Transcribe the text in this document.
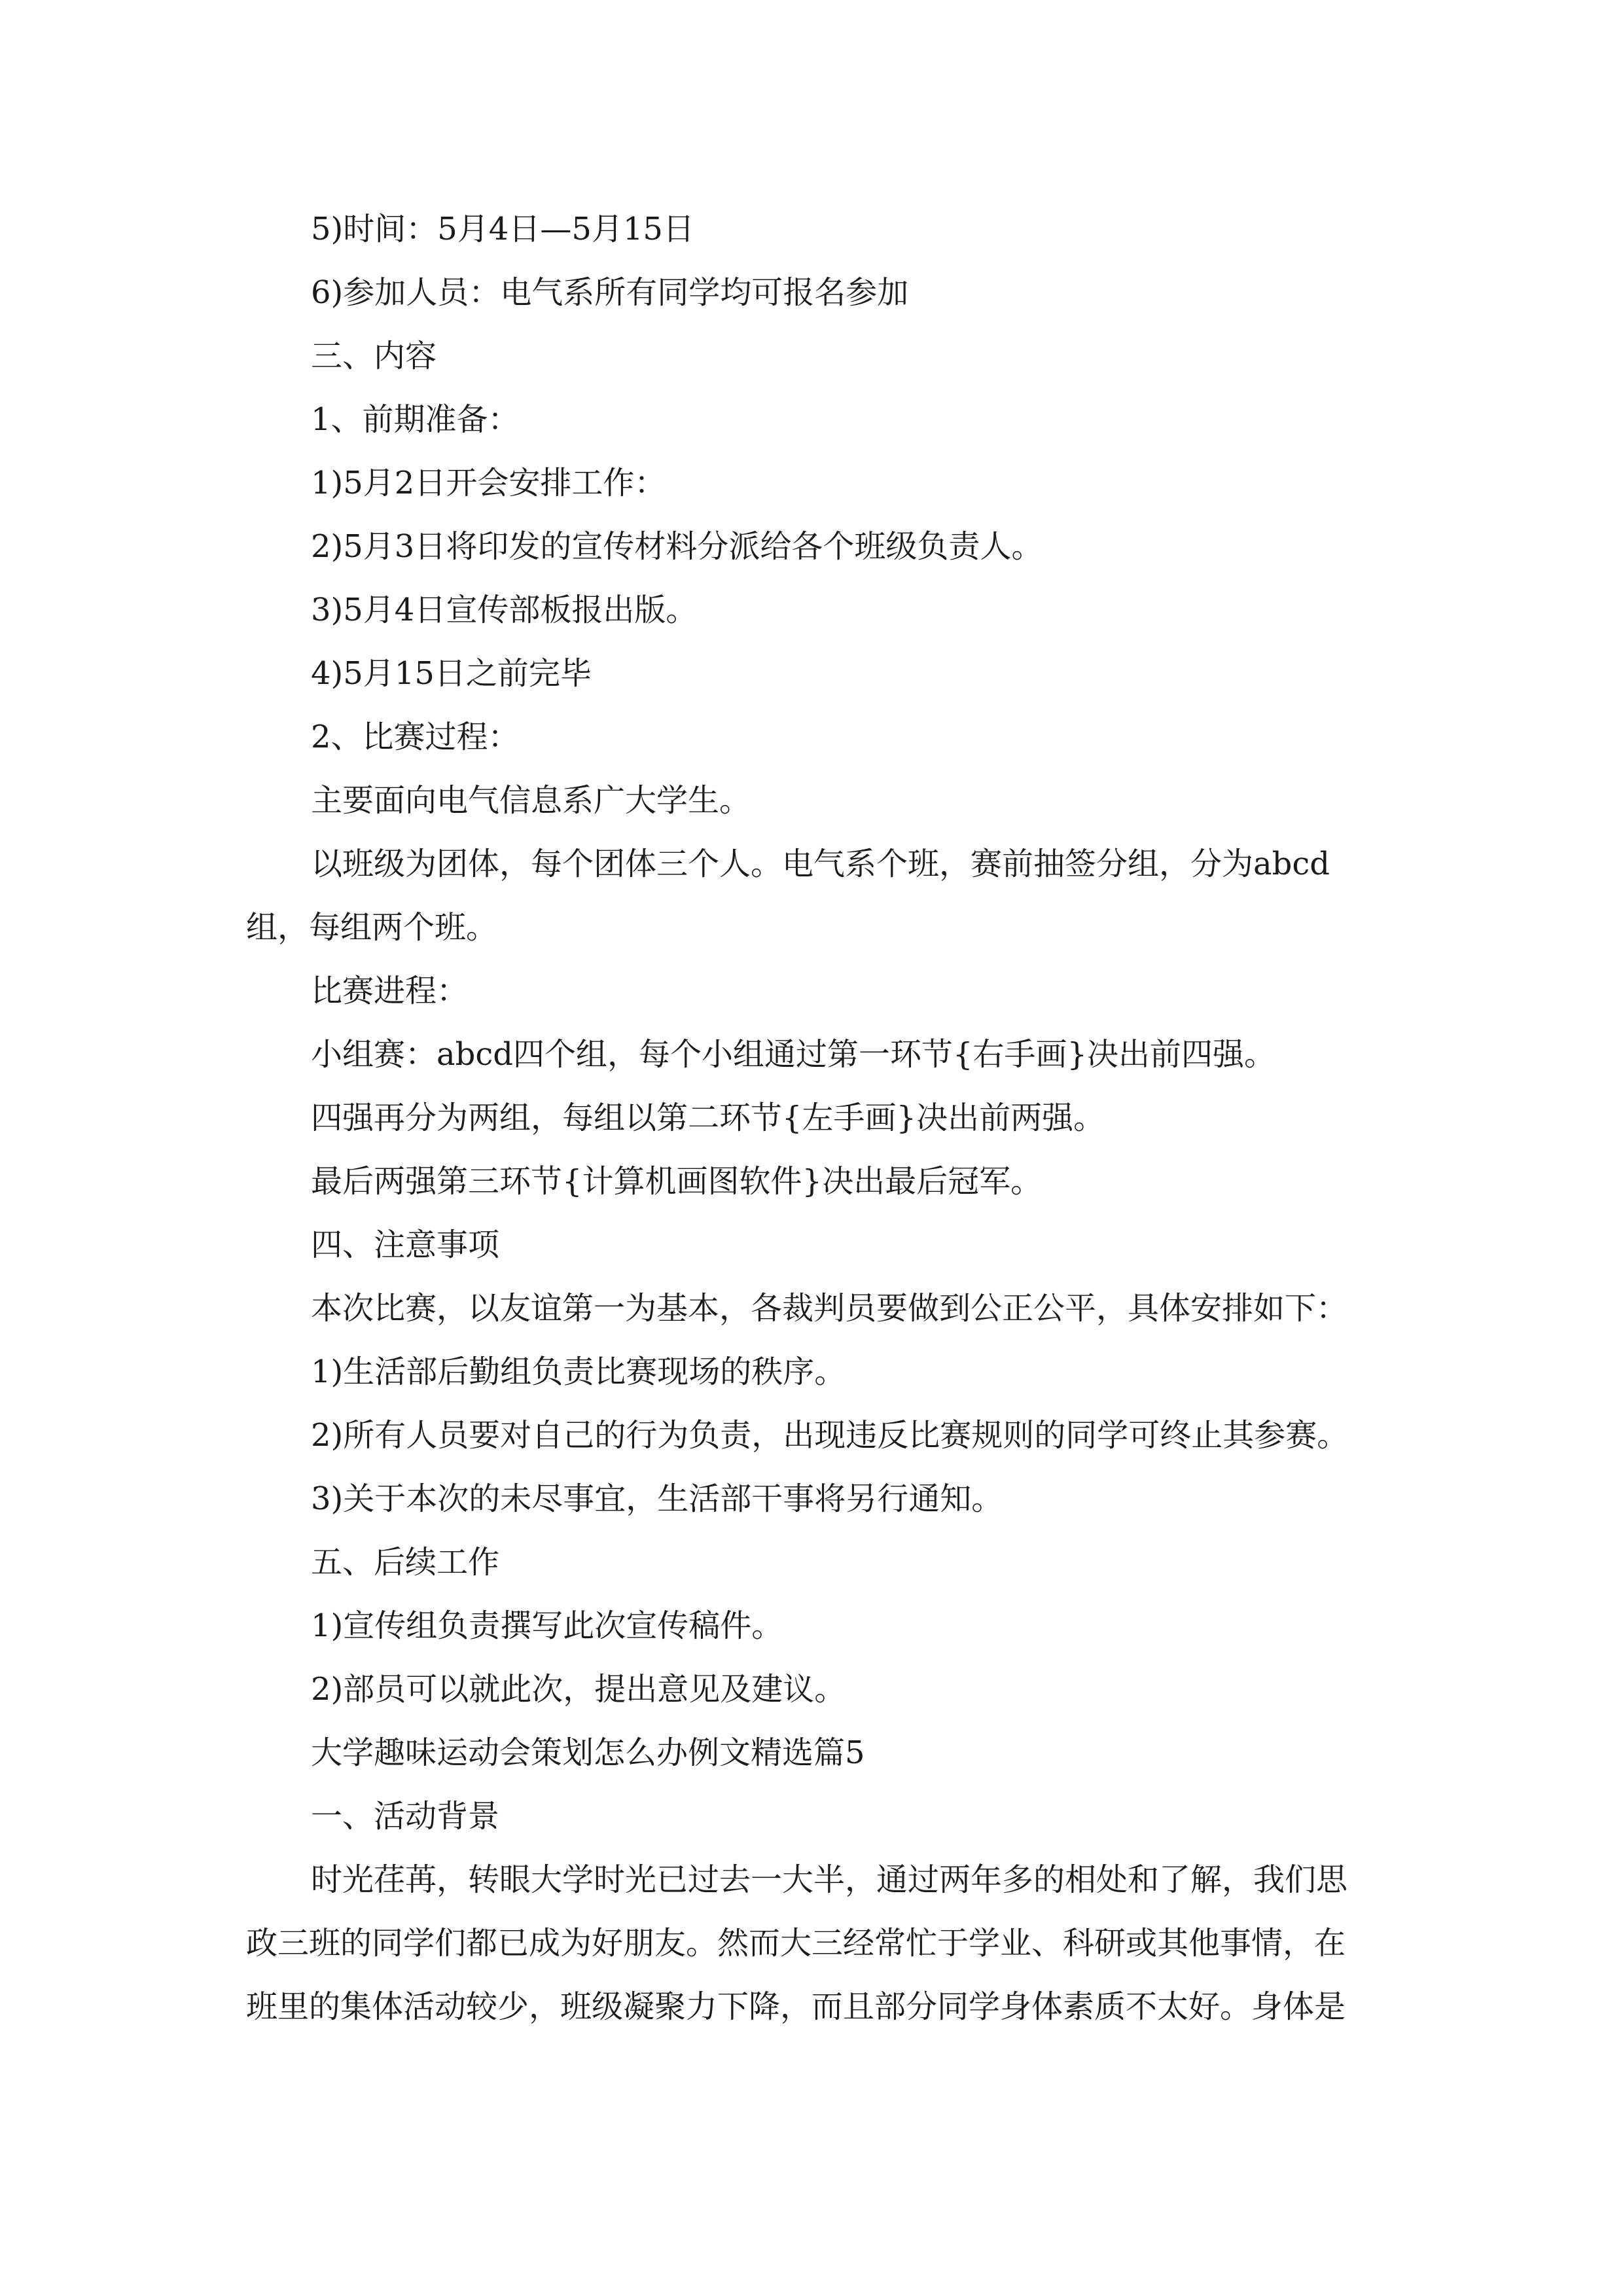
5)时间：5月4日—5月15日

6)参加人员：电气系所有同学均可报名参加

三、内容

1、前期准备：

1)5月2日开会安排工作：

2)5月3日将印发的宣传材料分派给各个班级负责人。

3)5月4日宣传部板报出版。

4)5月15日之前完毕

2、比赛过程：

主要面向电气信息系广大学生。

以班级为团体，每个团体三个人。电气系个班，赛前抽签分组，分为abcd

组，每组两个班。

比赛进程：

小组赛：abcd四个组，每个小组通过第一环节{右手画}决出前四强。

四强再分为两组，每组以第二环节{左手画}决出前两强。

最后两强第三环节{计算机画图软件}决出最后冠军。

四、注意事项

本次比赛，以友谊第一为基本，各裁判员要做到公正公平，具体安排如下：

1)生活部后勤组负责比赛现场的秩序。

2)所有人员要对自己的行为负责，出现违反比赛规则的同学可终止其参赛。

3)关于本次的未尽事宜，生活部干事将另行通知。

五、后续工作

1)宣传组负责撰写此次宣传稿件。

2)部员可以就此次，提出意见及建议。

大学趣味运动会策划怎么办例文精选篇5

一、活动背景

时光荏苒，转眼大学时光已过去一大半，通过两年多的相处和了解，我们思

政三班的同学们都已成为好朋友。然而大三经常忙于学业、科研或其他事情，在

班里的集体活动较少，班级凝聚力下降，而且部分同学身体素质不太好。身体是
